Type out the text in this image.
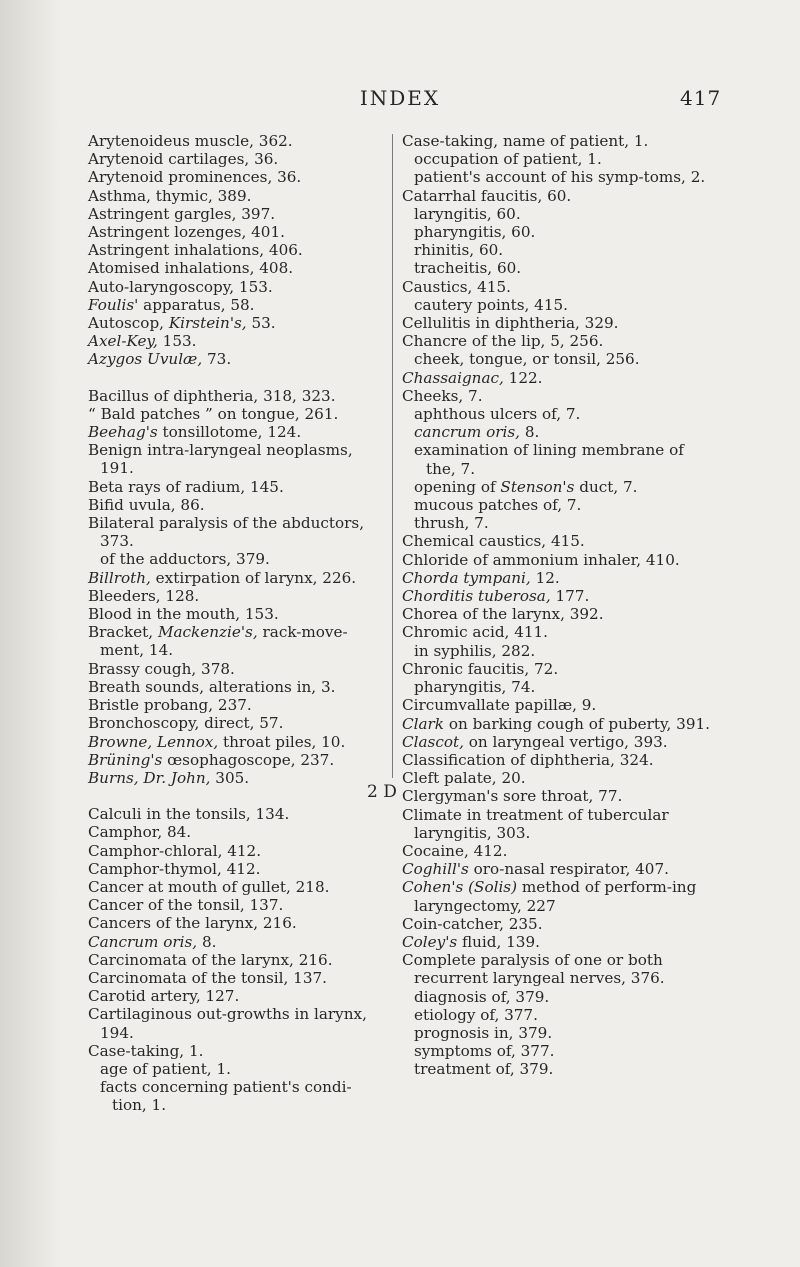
INDEX	417

Arytenoideus muscle, 362.

Arytenoid cartilages, 36.

Arytenoid prominences, 36.

Asthma, thymic, 389.

Astringent gargles, 397.

Astringent lozenges, 401.

Astringent inhalations, 406.

Atomised inhalations, 408.

Auto-laryngoscopy, 153.

Foulis' apparatus, 58.

Autoscop, Kirstein's, 53.

Axel-Key, 153.

Azygos Uvulæ, 73.

Bacillus of diphtheria, 318, 323.

“ Bald patches ” on tongue, 261.

Beehag's tonsillotome, 124.

Benign intra-laryngeal neoplasms, 191.

Beta rays of radium, 145.

Bifid uvula, 86.

Bilateral paralysis of the abductors, 373.

of the adductors, 379.

Billroth, extirpation of larynx, 226.

Bleeders, 128.

Blood in the mouth, 153.

Bracket, Mackenzie's, rack-move-ment, 14.

Brassy cough, 378.

Breath sounds, alterations in, 3.

Bristle probang, 237.

Bronchoscopy, direct, 57.

Browne, Lennox, throat piles, 10.

Brüning's œsophagoscope, 237.

Burns, Dr. John, 305.

Calculi in the tonsils, 134.

Camphor, 84.

Camphor-chloral, 412.

Camphor-thymol, 412.

Cancer at mouth of gullet, 218.

Cancer of the tonsil, 137.

Cancers of the larynx, 216.

Cancrum oris, 8.

Carcinomata of the larynx, 216.

Carcinomata of the tonsil, 137.

Carotid artery, 127.

Cartilaginous out-growths in larynx, 194.

Case-taking, 1.

age of patient, 1.

facts concerning patient's condi-tion, 1.

Case-taking, name of patient, 1.

occupation of patient, 1.

patient's account of his symp-toms, 2.

Catarrhal faucitis, 60.

laryngitis, 60.

pharyngitis, 60.

rhinitis, 60.

tracheitis, 60.

Caustics, 415.

cautery points, 415.

Cellulitis in diphtheria, 329.

Chancre of the lip, 5, 256.

cheek, tongue, or tonsil, 256.

Chassaignac, 122.

Cheeks, 7.

aphthous ulcers of, 7.

cancrum oris, 8.

examination of lining membrane of the, 7.

opening of Stenson's duct, 7.

mucous patches of, 7.

thrush, 7.

Chemical caustics, 415.

Chloride of ammonium inhaler, 410.

Chorda tympani, 12.

Chorditis tuberosa, 177.

Chorea of the larynx, 392.

Chromic acid, 411.

in syphilis, 282.

Chronic faucitis, 72.

pharyngitis, 74.

Circumvallate papillæ, 9.

Clark on barking cough of puberty, 391.

Clascot, on laryngeal vertigo, 393.

Classification of diphtheria, 324.

Cleft palate, 20.

Clergyman's sore throat, 77.

Climate in treatment of tubercular laryngitis, 303.

Cocaine, 412.

Coghill's oro-nasal respirator, 407.

Cohen's (Solis) method of perform-ing laryngectomy, 227

Coin-catcher, 235.

Coley's fluid, 139.

Complete paralysis of one or both recurrent laryngeal nerves, 376.

diagnosis of, 379.

etiology of, 377.

prognosis in, 379.

symptoms of, 377.

treatment of, 379.

2 D
